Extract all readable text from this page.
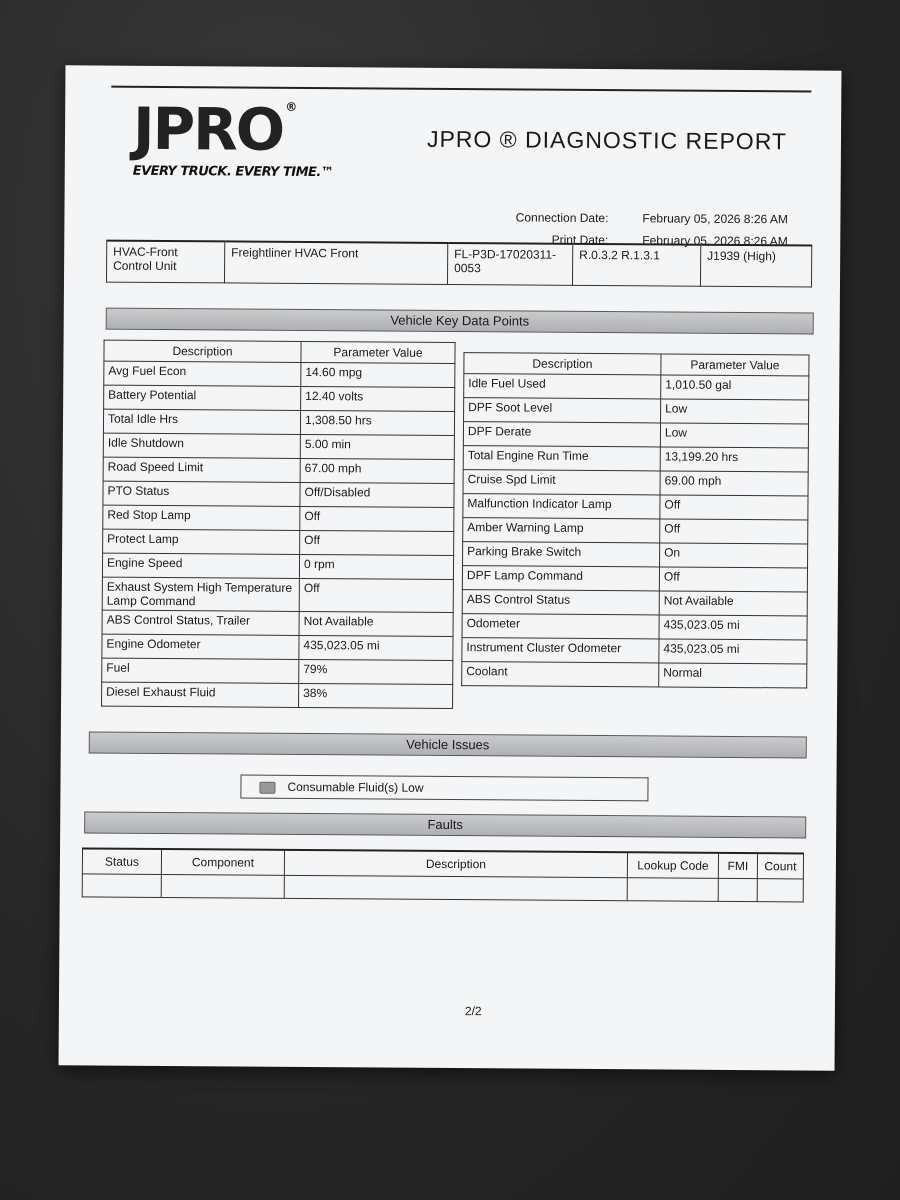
JPRO ®
EVERY TRUCK. EVERY TIME.™
JPRO ® DIAGNOSTIC REPORT
Connection Date:	February 05, 2026 8:26 AM
Print Date:	February 05, 2026 8:26 AM
HVAC-Front Control Unit	Freightliner HVAC Front	FL-P3D-17020311-0053	R.0.3.2 R.1.3.1	J1939 (High)
Vehicle Key Data Points
Description	Parameter Value
Avg Fuel Econ	14.60 mpg
Battery Potential	12.40 volts
Total Idle Hrs	1,308.50 hrs
Idle Shutdown	5.00 min
Road Speed Limit	67.00 mph
PTO Status	Off/Disabled
Red Stop Lamp	Off
Protect Lamp	Off
Engine Speed	0 rpm
Exhaust System High Temperature Lamp Command	Off
ABS Control Status, Trailer	Not Available
Engine Odometer	435,023.05 mi
Fuel	79%
Diesel Exhaust Fluid	38%
Description	Parameter Value
Idle Fuel Used	1,010.50 gal
DPF Soot Level	Low
DPF Derate	Low
Total Engine Run Time	13,199.20 hrs
Cruise Spd Limit	69.00 mph
Malfunction Indicator Lamp	Off
Amber Warning Lamp	Off
Parking Brake Switch	On
DPF Lamp Command	Off
ABS Control Status	Not Available
Odometer	435,023.05 mi
Instrument Cluster Odometer	435,023.05 mi
Coolant	Normal
Vehicle Issues
Consumable Fluid(s) Low
Faults
Status	Component	Description	Lookup Code	FMI	Count

2/2
